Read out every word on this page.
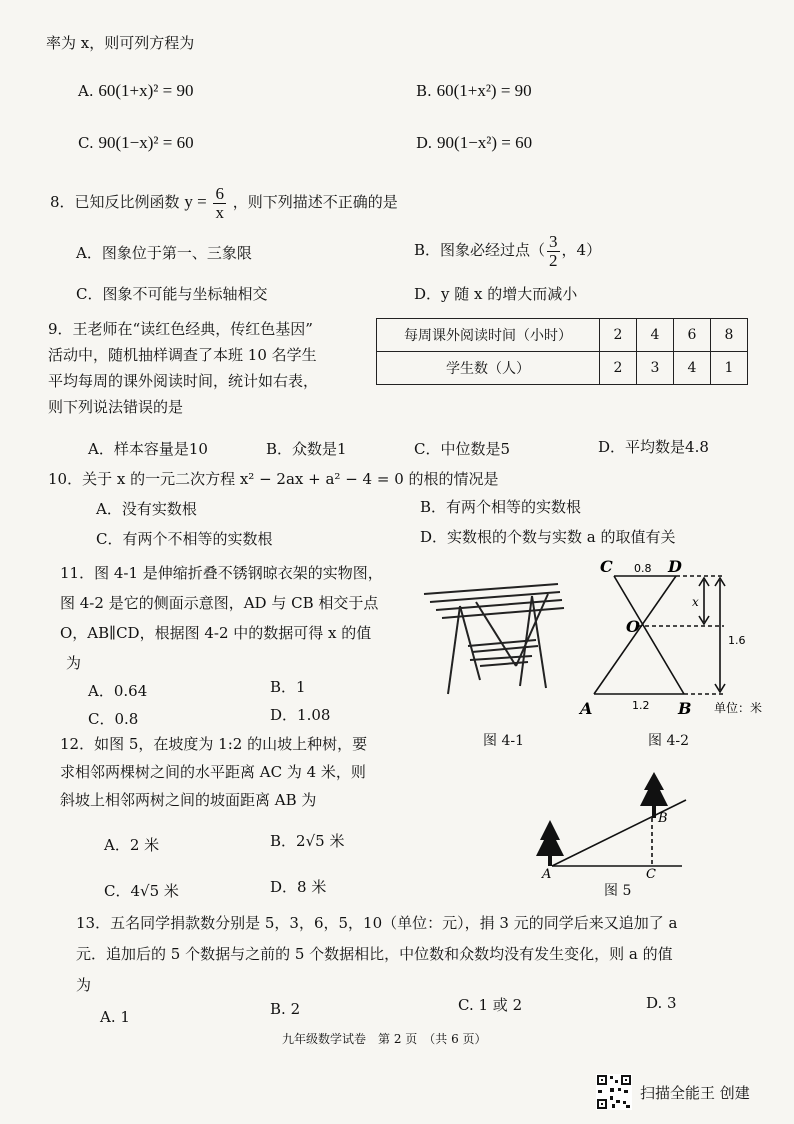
率为 x，则可列方程为
A. 60(1+x)² = 90	B. 60(1+x²) = 90
C. 90(1−x)² = 60	D. 90(1−x²) = 60
8．已知反比例函数 $y = \frac{6}{x}$ ，则下列描述不正确的是
A．图象位于第一、三象限	B．图象必经过点（ $\frac{3}{2}$ ，4）
C．图象不可能与坐标轴相交	D．y 随 x 的增大而减小
9．王老师在“读红色经典，传红色基因”
活动中，随机抽样调查了本班 10 名学生
平均每周的课外阅读时间，统计如右表，
则下列说法错误的是
每周课外阅读时间（小时）	2	4	6	8
学生数（人）	2	3	4	1
A．样本容量是10	B．众数是1	C．中位数是5	D．平均数是4.8
10．关于 x 的一元二次方程 x² − 2ax + a² − 4 = 0 的根的情况是
A．没有实数根	B．有两个相等的实数根
C．有两个不相等的实数根	D．实数根的个数与实数 a 的取值有关
11．图 4-1 是伸缩折叠不锈钢晾衣架的实物图，
图 4-2 是它的侧面示意图，AD 与 CB 相交于点
O，AB∥CD，根据图 4-2 中的数据可得 x 的值
为
A．0.64	B．1
C．0.8	D．1.08
图 4-1
C	D
O
A	B
0.8
1.2
x
1.6
单位：米
图 4-2
12．如图 5，在坡度为 1:2 的山坡上种树，要
求相邻两棵树之间的水平距离 AC 为 4 米，则
斜坡上相邻两树之间的坡面距离 AB 为
A．2 米	B．2√5 米
C．4√5 米	D．8 米
A
B
C
图 5
13．五名同学捐款数分别是 5，3，6，5，10（单位：元），捐 3 元的同学后来又追加了 a
元．追加后的 5 个数据与之前的 5 个数据相比，中位数和众数均没有发生变化，则 a 的值
为
A. 1	B. 2	C. 1 或 2	D. 3
九年级数学试卷　第 2 页　（共 6 页）
扫描全能王 创建
